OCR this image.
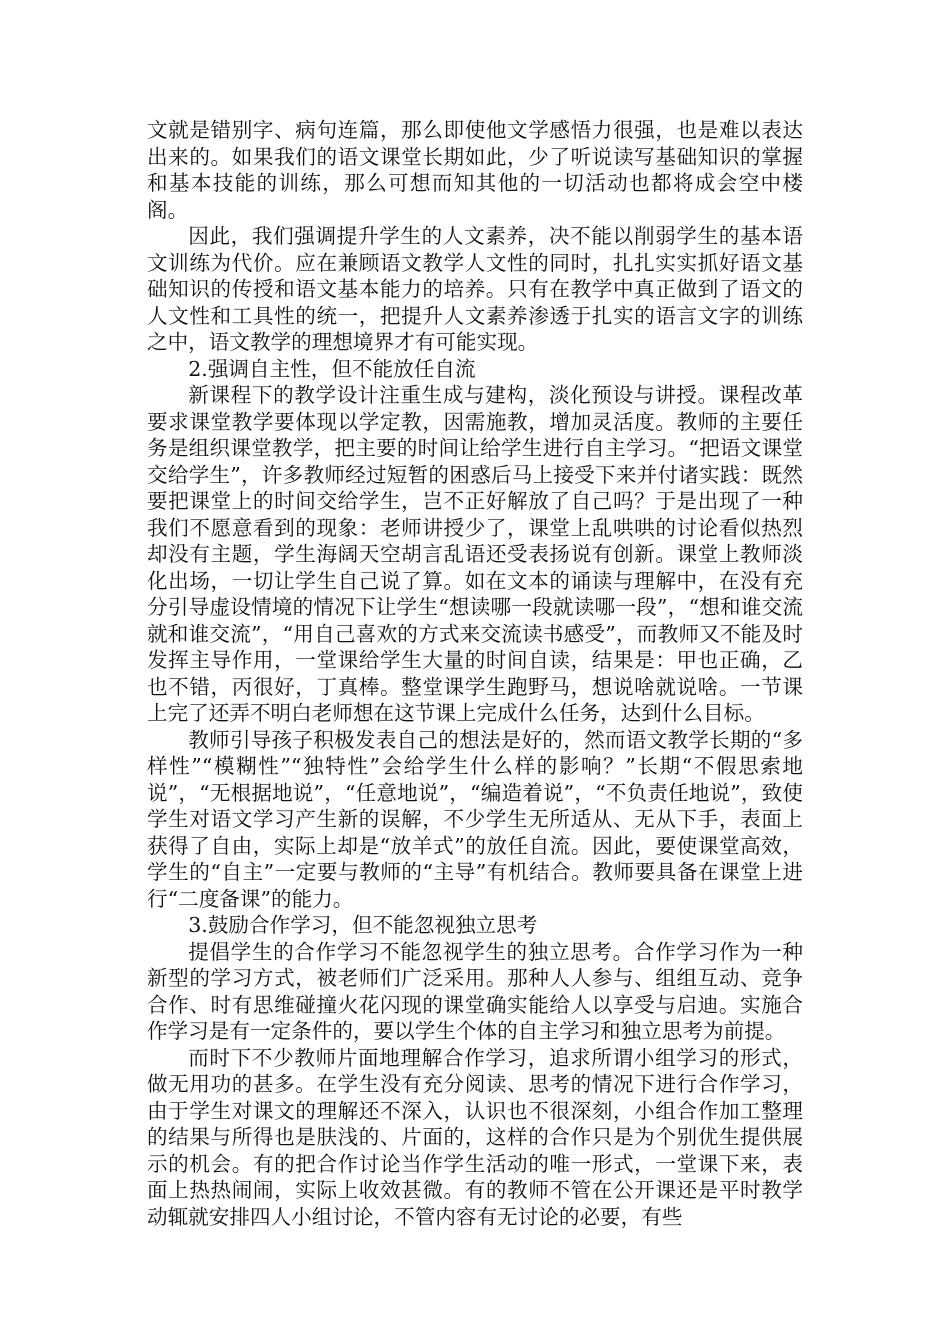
文就是错别字、病句连篇，那么即使他文学感悟力很强，也是难以表达出来的。如果我们的语文课堂长期如此，少了听说读写基础知识的掌握和基本技能的训练，那么可想而知其他的一切活动也都将成会空中楼阁。

因此，我们强调提升学生的人文素养，决不能以削弱学生的基本语文训练为代价。应在兼顾语文教学人文性的同时，扎扎实实抓好语文基础知识的传授和语文基本能力的培养。只有在教学中真正做到了语文的人文性和工具性的统一，把提升人文素养渗透于扎实的语言文字的训练之中，语文教学的理想境界才有可能实现。

2.强调自主性，但不能放任自流

新课程下的教学设计注重生成与建构，淡化预设与讲授。课程改革要求课堂教学要体现以学定教，因需施教，增加灵活度。教师的主要任务是组织课堂教学，把主要的时间让给学生进行自主学习。“把语文课堂交给学生”，许多教师经过短暂的困惑后马上接受下来并付诸实践：既然要把课堂上的时间交给学生，岂不正好解放了自己吗？于是出现了一种我们不愿意看到的现象：老师讲授少了，课堂上乱哄哄的讨论看似热烈却没有主题，学生海阔天空胡言乱语还受表扬说有创新。课堂上教师淡化出场，一切让学生自己说了算。如在文本的诵读与理解中，在没有充分引导虚设情境的情况下让学生“想读哪一段就读哪一段”，“想和谁交流就和谁交流”，“用自己喜欢的方式来交流读书感受”，而教师又不能及时发挥主导作用，一堂课给学生大量的时间自读，结果是：甲也正确，乙也不错，丙很好，丁真棒。整堂课学生跑野马，想说啥就说啥。一节课上完了还弄不明白老师想在这节课上完成什么任务，达到什么目标。

教师引导孩子积极发表自己的想法是好的，然而语文教学长期的“多样性”“模糊性”“独特性”会给学生什么样的影响？”长期“不假思索地说”，“无根据地说”，“任意地说”，“编造着说”，“不负责任地说”，致使学生对语文学习产生新的误解，不少学生无所适从、无从下手，表面上获得了自由，实际上却是“放羊式”的放任自流。因此，要使课堂高效，学生的“自主”一定要与教师的“主导”有机结合。教师要具备在课堂上进行“二度备课”的能力。

3.鼓励合作学习，但不能忽视独立思考

提倡学生的合作学习不能忽视学生的独立思考。合作学习作为一种新型的学习方式，被老师们广泛采用。那种人人参与、组组互动、竞争合作、时有思维碰撞火花闪现的课堂确实能给人以享受与启迪。实施合作学习是有一定条件的，要以学生个体的自主学习和独立思考为前提。

而时下不少教师片面地理解合作学习，追求所谓小组学习的形式，做无用功的甚多。在学生没有充分阅读、思考的情况下进行合作学习，由于学生对课文的理解还不深入，认识也不很深刻，小组合作加工整理的结果与所得也是肤浅的、片面的，这样的合作只是为个别优生提供展示的机会。有的把合作讨论当作学生活动的唯一形式，一堂课下来，表面上热热闹闹，实际上收效甚微。有的教师不管在公开课还是平时教学动辄就安排四人小组讨论，不管内容有无讨论的必要，有些
